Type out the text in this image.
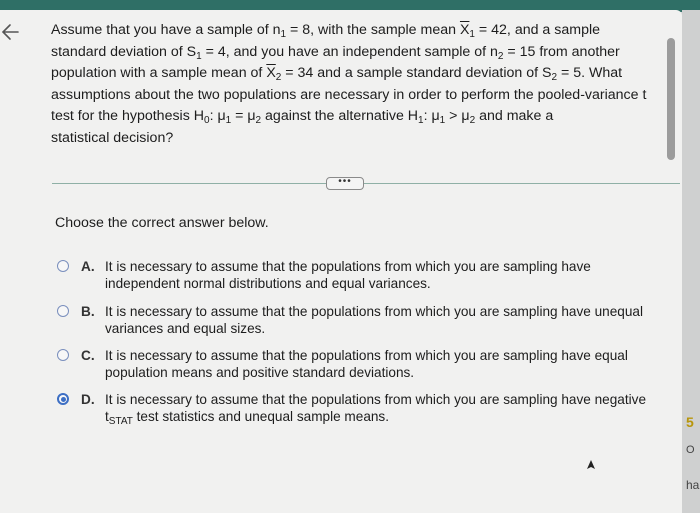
5
O
ha
Assume that you have a sample of $n_1 = 8$, with the sample mean $\overline{X}_1 = 42$, and a sample
standard deviation of $S_1 = 4$, and you have an independent sample of $n_2 = 15$ from another
population with a sample mean of $\overline{X}_2 = 34$ and a sample standard deviation of $S_2 = 5$. What
assumptions about the two populations are necessary in order to perform the pooled-variance t
test for the hypothesis $H_0$: $\mu_1 = \mu_2$ against the alternative $H_1$: $\mu_1 > \mu_2$ and make a
statistical decision?
•••
Choose the correct answer below.
A. It is necessary to assume that the populations from which you are sampling have
independent normal distributions and equal variances.
B. It is necessary to assume that the populations from which you are sampling have unequal
variances and equal sizes.
C. It is necessary to assume that the populations from which you are sampling have equal
population means and positive standard deviations.
D. It is necessary to assume that the populations from which you are sampling have negative
$t_{STAT}$ test statistics and unequal sample means.
